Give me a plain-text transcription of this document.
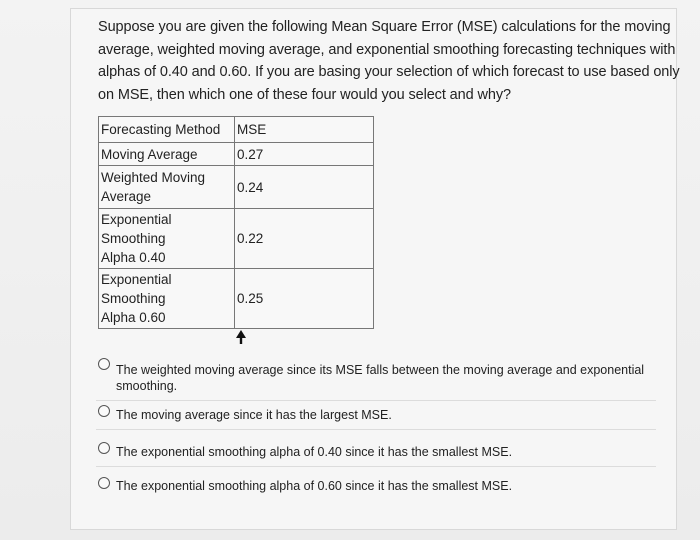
Suppose you are given the following Mean Square Error (MSE) calculations for the moving
average, weighted moving average, and exponential smoothing forecasting techniques with
alphas of 0.40 and 0.60. If you are basing your selection of which forecast to use based only
on MSE, then which one of these four would you select and why?
Forecasting Method	MSE

Moving Average	0.27

Weighted Moving
Average	0.24

Exponential Smoothing
Alpha 0.40	0.22

Exponential Smoothing
Alpha 0.60	0.25
The weighted moving average since its MSE falls between the moving average and exponential
smoothing.
The moving average since it has the largest MSE.
The exponential smoothing alpha of 0.40 since it has the smallest MSE.
The exponential smoothing alpha of 0.60 since it has the smallest MSE.
